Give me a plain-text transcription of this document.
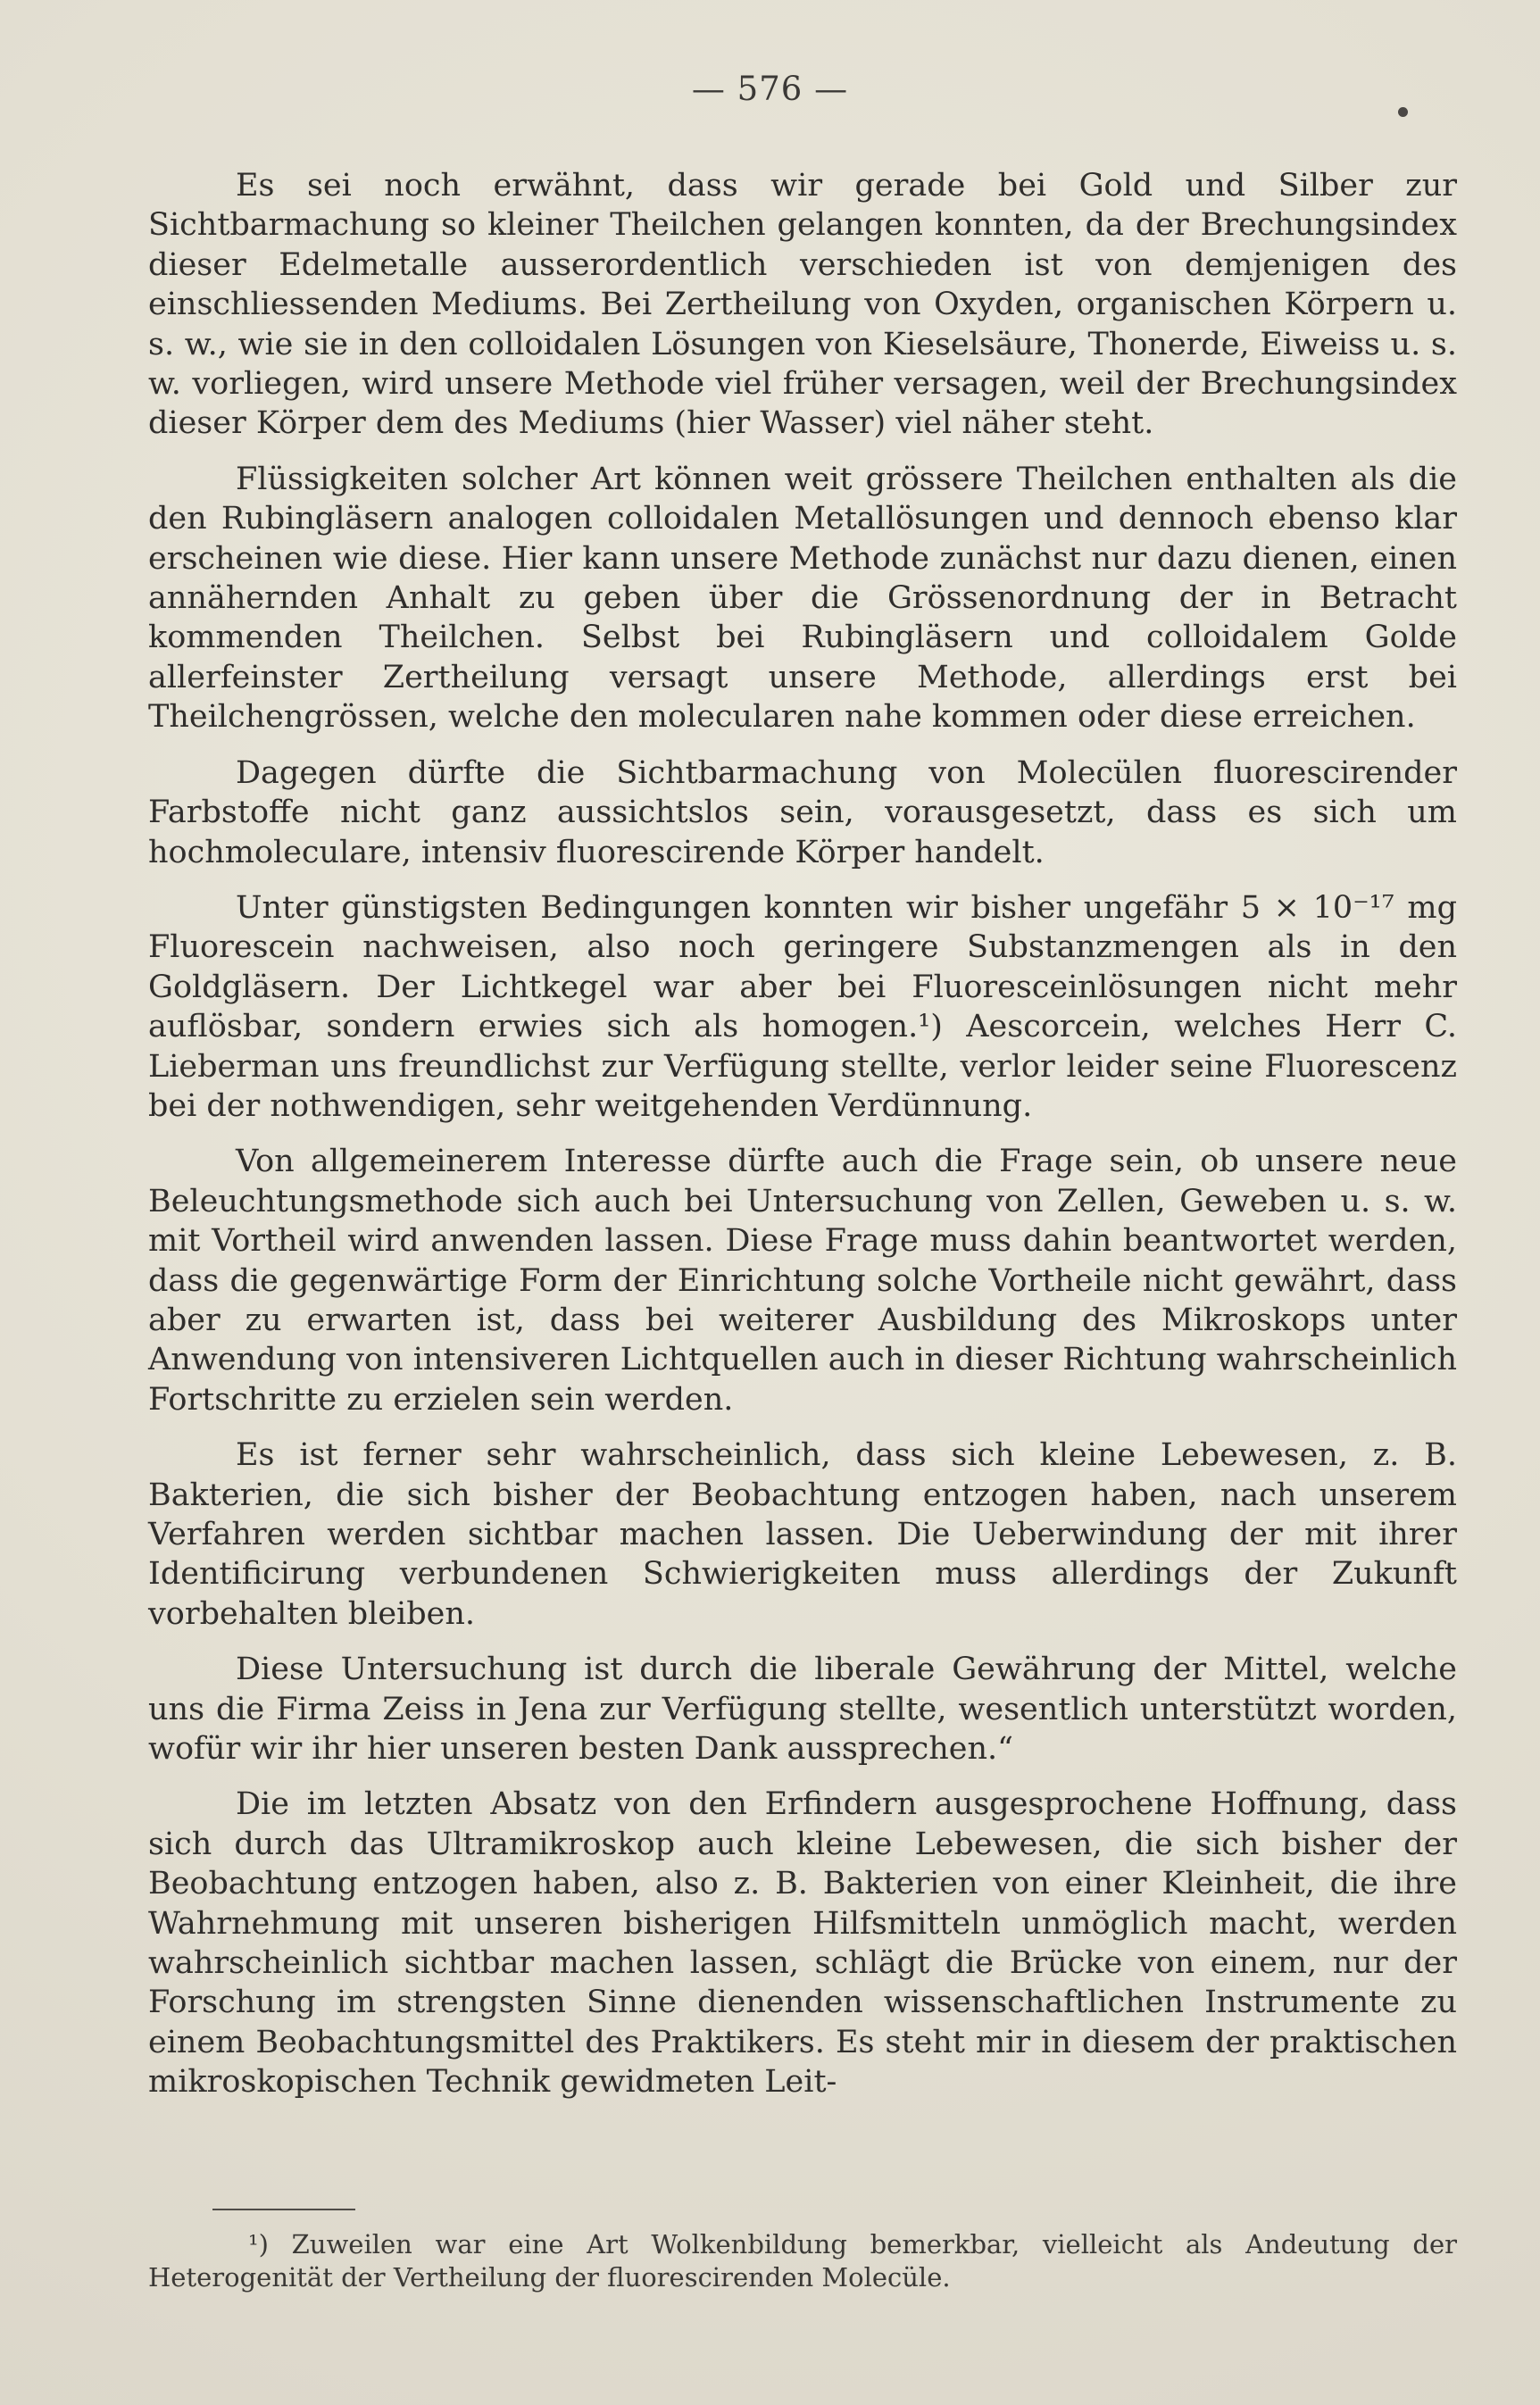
— 576 —

Es sei noch erwähnt, dass wir gerade bei Gold und Silber zur Sichtbarmachung so kleiner Theilchen gelangen konnten, da der Brechungsindex dieser Edelmetalle ausserordentlich verschieden ist von demjenigen des einschliessenden Mediums. Bei Zertheilung von Oxyden, organischen Körpern u. s. w., wie sie in den colloidalen Lösungen von Kieselsäure, Thonerde, Eiweiss u. s. w. vorliegen, wird unsere Methode viel früher versagen, weil der Brechungsindex dieser Körper dem des Mediums (hier Wasser) viel näher steht.

Flüssigkeiten solcher Art können weit grössere Theilchen enthalten als die den Rubingläsern analogen colloidalen Metallösungen und dennoch ebenso klar erscheinen wie diese. Hier kann unsere Methode zunächst nur dazu dienen, einen annähernden Anhalt zu geben über die Grössenordnung der in Betracht kommenden Theilchen. Selbst bei Rubingläsern und colloidalem Golde allerfeinster Zertheilung versagt unsere Methode, allerdings erst bei Theilchengrössen, welche den molecularen nahe kommen oder diese erreichen.

Dagegen dürfte die Sichtbarmachung von Molecülen fluorescirender Farbstoffe nicht ganz aussichtslos sein, vorausgesetzt, dass es sich um hochmoleculare, intensiv fluorescirende Körper handelt.

Unter günstigsten Bedingungen konnten wir bisher ungefähr 5 × 10⁻¹⁷ mg Fluorescein nachweisen, also noch geringere Substanzmengen als in den Goldgläsern. Der Lichtkegel war aber bei Fluoresceinlösungen nicht mehr auflösbar, sondern erwies sich als homogen.¹) Aescorcein, welches Herr C. Lieberman uns freundlichst zur Verfügung stellte, verlor leider seine Fluorescenz bei der nothwendigen, sehr weitgehenden Verdünnung.

Von allgemeinerem Interesse dürfte auch die Frage sein, ob unsere neue Beleuchtungsmethode sich auch bei Untersuchung von Zellen, Geweben u. s. w. mit Vortheil wird anwenden lassen. Diese Frage muss dahin beantwortet werden, dass die gegenwärtige Form der Einrichtung solche Vortheile nicht gewährt, dass aber zu erwarten ist, dass bei weiterer Ausbildung des Mikroskops unter Anwendung von intensiveren Lichtquellen auch in dieser Richtung wahrscheinlich Fortschritte zu erzielen sein werden.

Es ist ferner sehr wahrscheinlich, dass sich kleine Lebewesen, z. B. Bakterien, die sich bisher der Beobachtung entzogen haben, nach unserem Verfahren werden sichtbar machen lassen. Die Ueberwindung der mit ihrer Identificirung verbundenen Schwierigkeiten muss allerdings der Zukunft vorbehalten bleiben.

Diese Untersuchung ist durch die liberale Gewährung der Mittel, welche uns die Firma Zeiss in Jena zur Verfügung stellte, wesentlich unterstützt worden, wofür wir ihr hier unseren besten Dank aussprechen.“

Die im letzten Absatz von den Erfindern ausgesprochene Hoffnung, dass sich durch das Ultramikroskop auch kleine Lebewesen, die sich bisher der Beobachtung entzogen haben, also z. B. Bakterien von einer Kleinheit, die ihre Wahrnehmung mit unseren bisherigen Hilfsmitteln unmöglich macht, werden wahrscheinlich sichtbar machen lassen, schlägt die Brücke von einem, nur der Forschung im strengsten Sinne dienenden wissenschaftlichen Instrumente zu einem Beobachtungsmittel des Praktikers. Es steht mir in diesem der praktischen mikroskopischen Technik gewidmeten Leit-

¹) Zuweilen war eine Art Wolkenbildung bemerkbar, vielleicht als Andeutung der Heterogenität der Vertheilung der fluorescirenden Molecüle.
